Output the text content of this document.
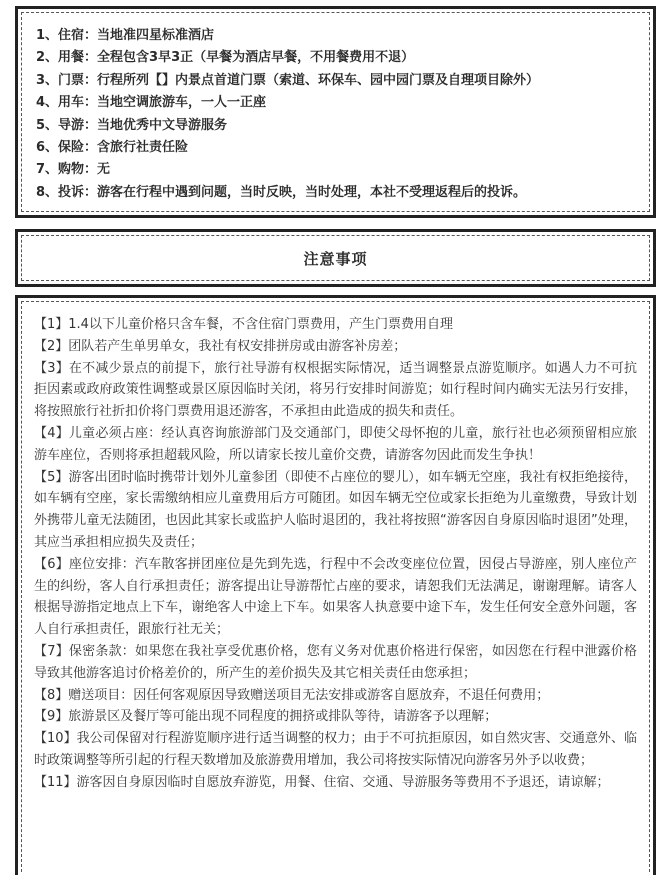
1、住宿：当地准四星标准酒店
2、用餐：全程包含3早3正（早餐为酒店早餐，不用餐费用不退）
3、门票：行程所列【】内景点首道门票（索道、环保车、园中园门票及自理项目除外）
4、用车：当地空调旅游车，一人一正座
5、导游：当地优秀中文导游服务
6、保险：含旅行社责任险
7、购物：无
8、投诉：游客在行程中遇到问题，当时反映，当时处理，本社不受理返程后的投诉。
注意事项

【1】1.4以下儿童价格只含车餐，不含住宿门票费用，产生门票费用自理

【2】团队若产生单男单女，我社有权安排拼房或由游客补房差；

【3】在不减少景点的前提下，旅行社导游有权根据实际情况，适当调整景点游览顺序。如遇人力不可抗拒因素或政府政策性调整或景区原因临时关闭，将另行安排时间游览；如行程时间内确实无法另行安排，将按照旅行社折扣价将门票费用退还游客，不承担由此造成的损失和责任。

【4】儿童必须占座：经认真咨询旅游部门及交通部门，即使父母怀抱的儿童，旅行社也必须预留相应旅游车座位，否则将承担超载风险，所以请家长按儿童价交费，请游客勿因此而发生争执！

【5】游客出团时临时携带计划外儿童参团（即使不占座位的婴儿），如车辆无空座，我社有权拒绝接待，如车辆有空座，家长需缴纳相应儿童费用后方可随团。如因车辆无空位或家长拒绝为儿童缴费，导致计划外携带儿童无法随团，也因此其家长或监护人临时退团的，我社将按照“游客因自身原因临时退团”处理，其应当承担相应损失及责任；

【6】座位安排：汽车散客拼团座位是先到先选，行程中不会改变座位位置，因侵占导游座，别人座位产生的纠纷，客人自行承担责任；游客提出让导游帮忙占座的要求，请恕我们无法满足，谢谢理解。请客人根据导游指定地点上下车，谢绝客人中途上下车。如果客人执意要中途下车，发生任何安全意外问题，客人自行承担责任，跟旅行社无关；

【7】保密条款：如果您在我社享受优惠价格，您有义务对优惠价格进行保密，如因您在行程中泄露价格导致其他游客追讨价格差价的，所产生的差价损失及其它相关责任由您承担；

【8】赠送项目：因任何客观原因导致赠送项目无法安排或游客自愿放弃，不退任何费用；

【9】旅游景区及餐厅等可能出现不同程度的拥挤或排队等待，请游客予以理解；

【10】我公司保留对行程游览顺序进行适当调整的权力；由于不可抗拒原因，如自然灾害、交通意外、临时政策调整等所引起的行程天数增加及旅游费用增加，我公司将按实际情况向游客另外予以收费；

【11】游客因自身原因临时自愿放弃游览，用餐、住宿、交通、导游服务等费用不予退还，请谅解；
